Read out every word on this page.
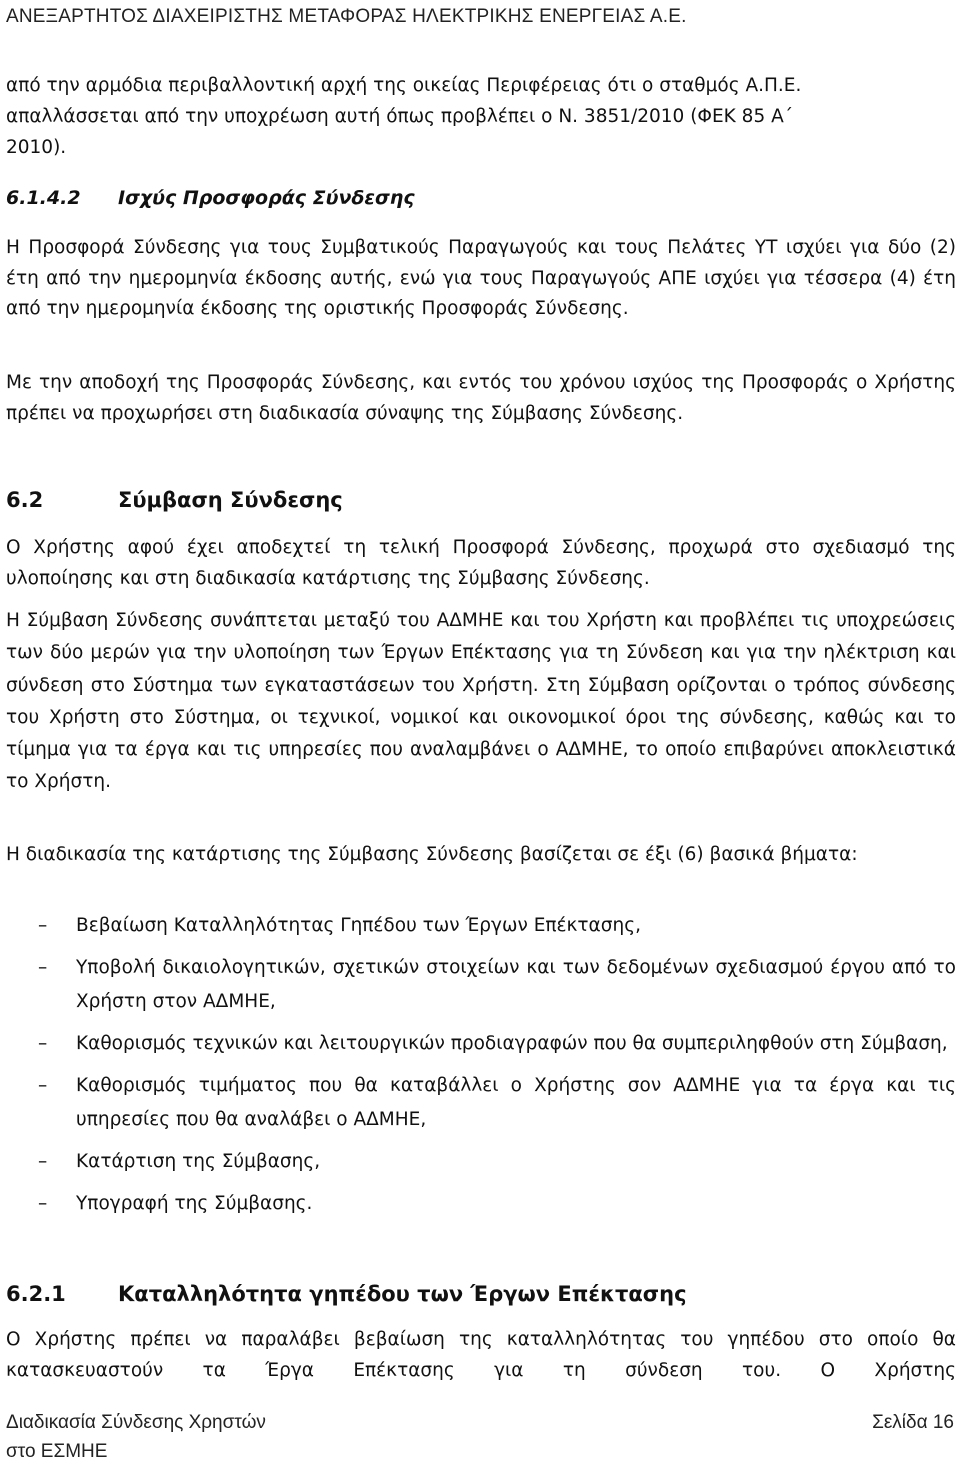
ΑΝΕΞΑΡΤΗΤΟΣ ΔΙΑΧΕΙΡΙΣΤΗΣ ΜΕΤΑΦΟΡΑΣ ΗΛΕΚΤΡΙΚΗΣ ΕΝΕΡΓΕΙΑΣ Α.Ε.
από την αρμόδια περιβαλλοντική αρχή της οικείας Περιφέρειας ότι ο σταθμός Α.Π.Ε.
απαλλάσσεται από την υποχρέωση αυτή όπως προβλέπει ο Ν. 3851/2010 (ΦΕΚ 85 Α΄
2010).
6.1.4.2 Ισχύς Προσφοράς Σύνδεσης

Η Προσφορά Σύνδεσης για τους Συμβατικούς Παραγωγούς και τους Πελάτες ΥΤ ισχύει για δύο (2) έτη από την ημερομηνία έκδοσης αυτής, ενώ για τους Παραγωγούς ΑΠΕ ισχύει για τέσσερα (4) έτη από την ημερομηνία έκδοσης της οριστικής Προσφοράς Σύνδεσης.

Με την αποδοχή της Προσφοράς Σύνδεσης, και εντός του χρόνου ισχύος της Προσφοράς ο Χρήστης πρέπει να προχωρήσει στη διαδικασία σύναψης της Σύμβασης Σύνδεσης.

6.2	Σύμβαση Σύνδεσης

Ο Χρήστης αφού έχει αποδεχτεί τη τελική Προσφορά Σύνδεσης, προχωρά στο σχεδιασμό της υλοποίησης και στη διαδικασία κατάρτισης της Σύμβασης Σύνδεσης.

Η Σύμβαση Σύνδεσης συνάπτεται μεταξύ του ΑΔΜΗΕ και του Χρήστη και προβλέπει τις υποχρεώσεις των δύο μερών για την υλοποίηση των Έργων Επέκτασης για τη Σύνδεση και για την ηλέκτριση και σύνδεση στο Σύστημα των εγκαταστάσεων του Χρήστη. Στη Σύμβαση ορίζονται ο τρόπος σύνδεσης του Χρήστη στο Σύστημα, οι τεχνικοί, νομικοί και οικονομικοί όροι της σύνδεσης, καθώς και το τίμημα για τα έργα και τις υπηρεσίες που αναλαμβάνει ο ΑΔΜΗΕ, το οποίο επιβαρύνει αποκλειστικά το Χρήστη.

Η διαδικασία της κατάρτισης της Σύμβασης Σύνδεσης βασίζεται σε έξι (6) βασικά βήματα:

– Βεβαίωση Καταλληλότητας Γηπέδου των Έργων Επέκτασης,
– Υποβολή δικαιολογητικών, σχετικών στοιχείων και των δεδομένων σχεδιασμού έργου από το Χρήστη στον ΑΔΜΗΕ,
– Καθορισμός τεχνικών και λειτουργικών προδιαγραφών που θα συμπεριληφθούν στη Σύμβαση,
– Καθορισμός τιμήματος που θα καταβάλλει ο Χρήστης σον ΑΔΜΗΕ για τα έργα και τις υπηρεσίες που θα αναλάβει ο ΑΔΜΗΕ,
– Κατάρτιση της Σύμβασης,
– Υπογραφή της Σύμβασης.
6.2.1 Καταλληλότητα γηπέδου των Έργων Επέκτασης

Ο Χρήστης πρέπει να παραλάβει βεβαίωση της καταλληλότητας του γηπέδου στο οποίο θα κατασκευαστούν τα Έργα Επέκτασης για τη σύνδεση του. Ο Χρήστης

Διαδικασία Σύνδεσης Χρηστών
στο ΕΣΜΗΕ
Σελίδα 16
